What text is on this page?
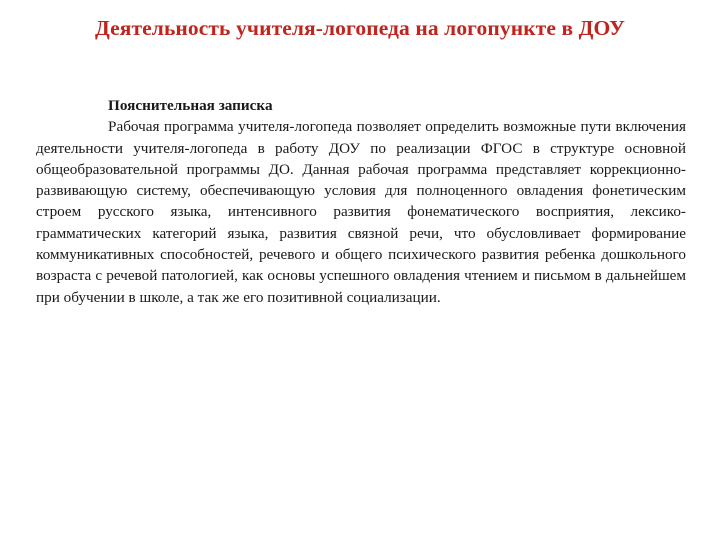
Деятельность учителя-логопеда на логопункте в ДОУ
Пояснительная записка

Рабочая программа учителя-логопеда позволяет определить возможные пути включения деятельности учителя-логопеда в работу ДОУ по реализации ФГОС в структуре основной общеобразовательной программы ДО. Данная рабочая программа представляет коррекционно-развивающую систему, обеспечивающую условия для полноценного овладения фонетическим строем русского языка, интенсивного развития фонематического восприятия, лексико-грамматических категорий языка, развития связной речи, что обусловливает формирование коммуникативных способностей, речевого и общего психического развития ребенка дошкольного возраста с речевой патологией, как основы успешного овладения чтением и письмом в дальнейшем при обучении в школе, а так же его позитивной социализации.
